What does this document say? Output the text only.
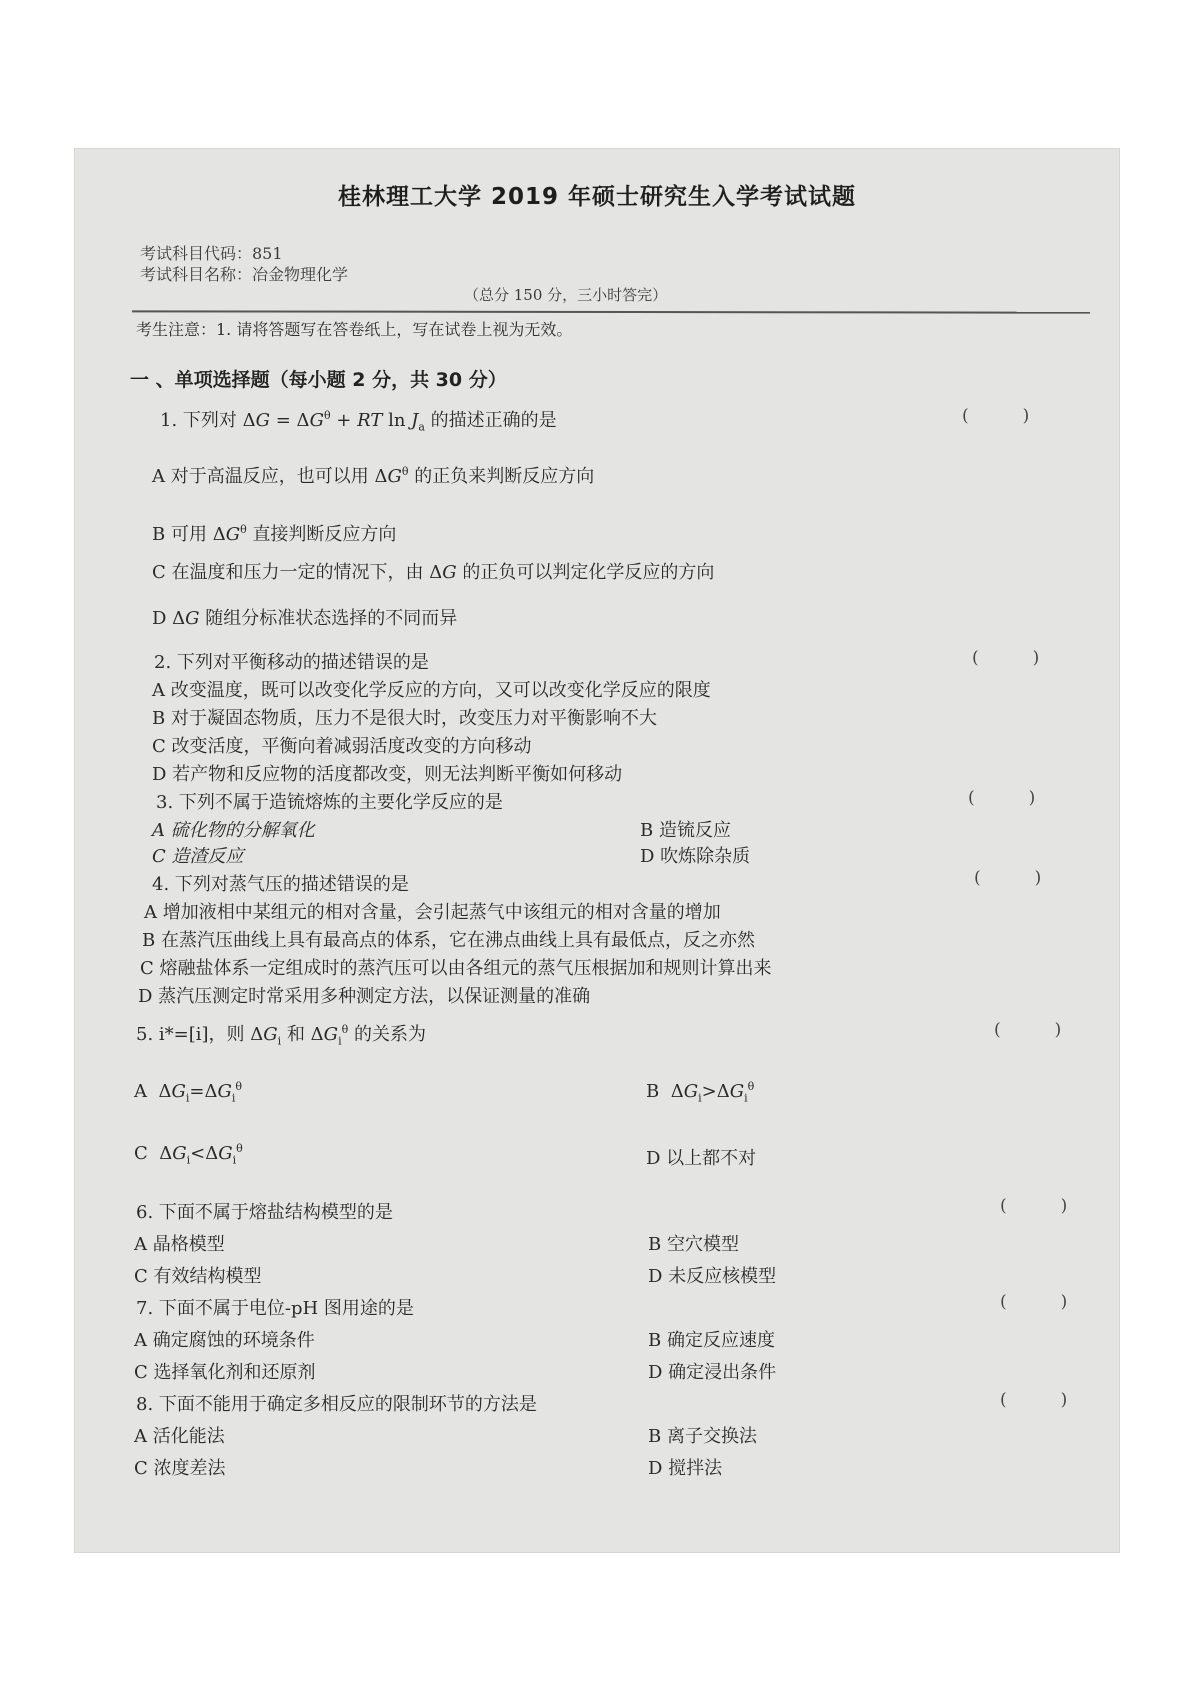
桂林理工大学 2019 年硕士研究生入学考试试题
考试科目代码：851
考试科目名称：冶金物理化学
（总分 150 分，三小时答完）
考生注意：1. 请将答题写在答卷纸上，写在试卷上视为无效。
一 、单项选择题（每小题 2 分，共 30 分）
1. 下列对 $\Delta G = \Delta G^\theta$ + RT $\ln J_a$ 的描述正确的是	(          )
A 对于高温反应，也可以用 $\Delta G^\theta$ 的正负来判断反应方向
B 可用 $\Delta G^\theta$ 直接判断反应方向
C 在温度和压力一定的情况下，由 ΔG 的正负可以判定化学反应的方向
D ΔG 随组分标准状态选择的不同而异
2. 下列对平衡移动的描述错误的是	(          )
A 改变温度，既可以改变化学反应的方向，又可以改变化学反应的限度
B 对于凝固态物质，压力不是很大时，改变压力对平衡影响不大
C 改变活度，平衡向着减弱活度改变的方向移动
D 若产物和反应物的活度都改变，则无法判断平衡如何移动
3. 下列不属于造锍熔炼的主要化学反应的是	(          )
A 硫化物的分解氧化	B 造锍反应
C 造渣反应	D 吹炼除杂质
4. 下列对蒸气压的描述错误的是	(          )
A 增加液相中某组元的相对含量，会引起蒸气中该组元的相对含量的增加
B 在蒸汽压曲线上具有最高点的体系，它在沸点曲线上具有最低点，反之亦然
C 熔融盐体系一定组成时的蒸汽压可以由各组元的蒸气压根据加和规则计算出来
D 蒸汽压测定时常采用多种测定方法，以保证测量的准确
5. i*=[i]，则 $\Delta G_i$ 和 $\Delta G_i^\theta$ 的关系为	(          )
A $\Delta G_i=\Delta G_i^\theta$	B $\Delta G_i>\Delta G_i^\theta$
C $\Delta G_i<\Delta G_i^\theta$	D 以上都不对
6. 下面不属于熔盐结构模型的是	(          )
A 晶格模型	B 空穴模型
C 有效结构模型	D 未反应核模型
7. 下面不属于电位-pH 图用途的是	(          )
A 确定腐蚀的环境条件	B 确定反应速度
C 选择氧化剂和还原剂	D 确定浸出条件
8. 下面不能用于确定多相反应的限制环节的方法是	(          )
A 活化能法	B 离子交换法
C 浓度差法	D 搅拌法
